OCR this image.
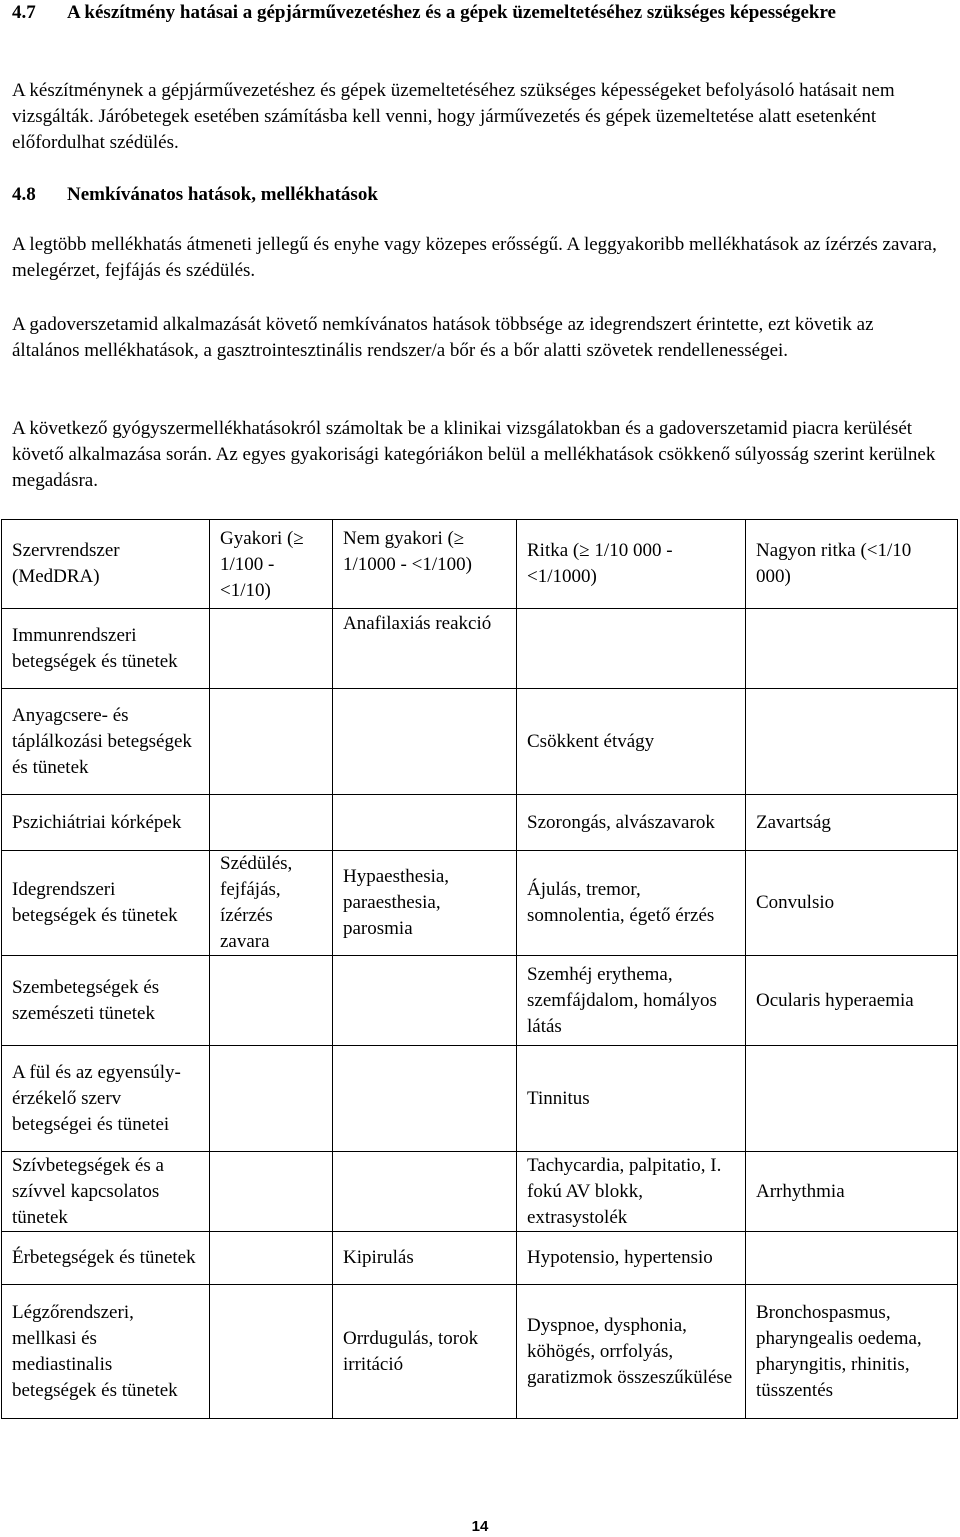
4.7 A készítmény hatásai a gépjárművezetéshez és a gépek üzemeltetéséhez szükséges képességekre
A készítménynek a gépjárművezetéshez és gépek üzemeltetéséhez szükséges képességeket befolyásoló hatásait nem vizsgálták. Járóbetegek esetében számításba kell venni, hogy járművezetés és gépek üzemeltetése alatt esetenként előfordulhat szédülés.
4.8 Nemkívánatos hatások, mellékhatások
A legtöbb mellékhatás átmeneti jellegű és enyhe vagy közepes erősségű. A leggyakoribb mellékhatások az ízérzés zavara, melegérzet, fejfájás és szédülés.
A gadoverszetamid alkalmazását követő nemkívánatos hatások többsége az idegrendszert érintette, ezt követik az általános mellékhatások, a gasztrointesztinális rendszer/a bőr és a bőr alatti szövetek rendellenességei.
A következő gyógyszermellékhatásokról számoltak be a klinikai vizsgálatokban és a gadoverszetamid piacra kerülését követő alkalmazása során. Az egyes gyakorisági kategóriákon belül a mellékhatások csökkenő súlyosság szerint kerülnek megadásra.
Szervrendszer (MedDRA)	Gyakori (≥ 1/100 - <1/10)	Nem gyakori (≥ 1/1000 - <1/100)	Ritka (≥ 1/10 000 - <1/1000)	Nagyon ritka (<1/10 000)
Immunrendszeri betegségek és tünetek		Anafilaxiás reakció		
Anyagcsere- és táplálkozási betegségek és tünetek			Csökkent étvágy	
Pszichiátriai kórképek			Szorongás, alvászavarok	Zavartság
Idegrendszeri betegségek és tünetek	Szédülés, fejfájás, ízérzés zavara	Hypaesthesia, paraesthesia, parosmia	Ájulás, tremor, somnolentia, égető érzés	Convulsio
Szembetegségek és szemészeti tünetek			Szemhéj erythema, szemfájdalom, homályos látás	Ocularis hyperaemia
A fül és az egyensúly-érzékelő szerv betegségei és tünetei			Tinnitus	
Szívbetegségek és a szívvel kapcsolatos tünetek			Tachycardia, palpitatio, I. fokú AV blokk, extrasystolék	Arrhythmia
Érbetegségek és tünetek		Kipirulás	Hypotensio, hypertensio	
Légzőrendszeri, mellkasi és mediastinalis betegségek és tünetek		Orrdugulás, torok irritáció	Dyspnoe, dysphonia, köhögés, orrfolyás, garatizmok összeszűkülése	Bronchospasmus, pharyngealis oedema, pharyngitis, rhinitis, tüsszentés
14
